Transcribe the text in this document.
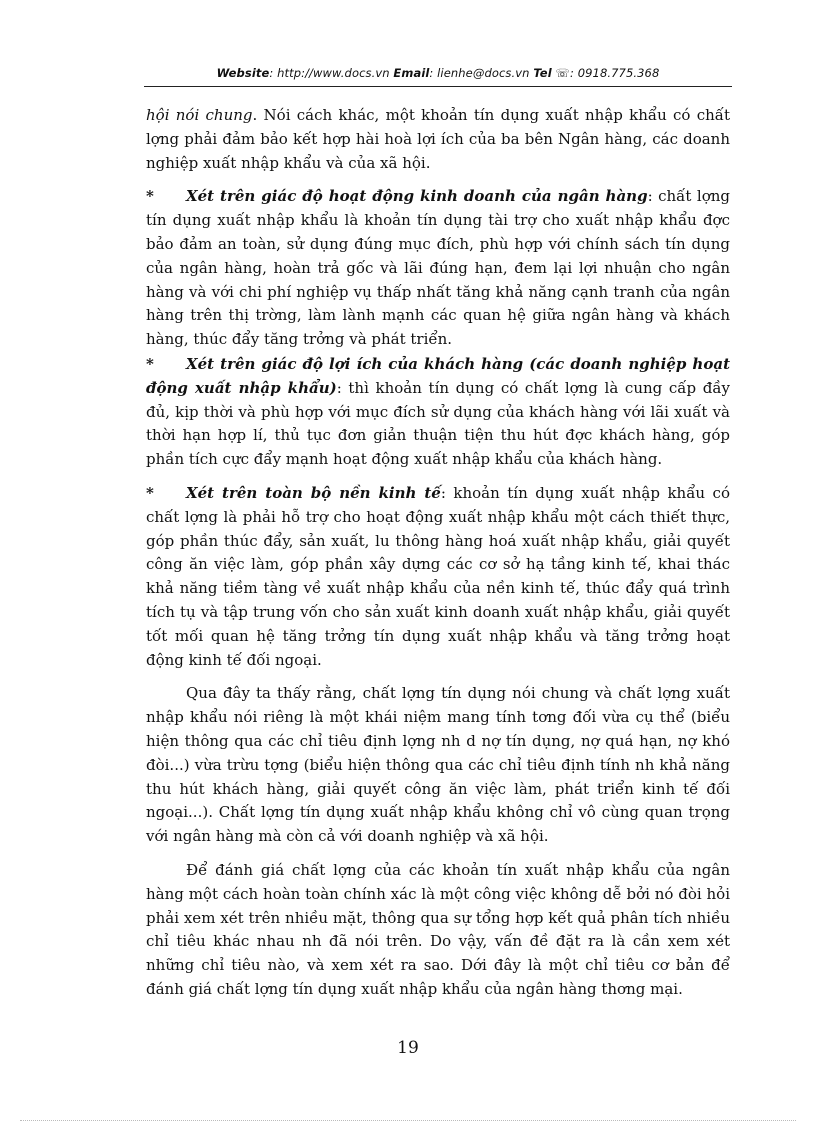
Website: http://www.docs.vn Email: lienhe@docs.vn Tel ☏: 0918.775.368

hội nói chung. Nói cách khác, một khoản tín dụng xuất nhập khẩu có chất lợng phải đảm bảo kết hợp hài hoà lợi ích của ba bên Ngân hàng, các doanh nghiệp xuất nhập khẩu và của xã hội.

* Xét trên giác độ hoạt động kinh doanh của ngân hàng: chất lợng tín dụng xuất nhập khẩu là khoản tín dụng tài trợ cho xuất nhập khẩu đợc bảo đảm an toàn, sử dụng đúng mục đích, phù hợp với chính sách tín dụng của ngân hàng, hoàn trả gốc và lãi đúng hạn, đem lại lợi nhuận cho ngân hàng và với chi phí nghiệp vụ thấp nhất tăng khả năng cạnh tranh của ngân hàng trên thị trờng, làm lành mạnh các quan hệ giữa ngân hàng và khách hàng, thúc đẩy tăng trởng và phát triển.

* Xét trên giác độ lợi ích của khách hàng (các doanh nghiệp hoạt động xuất nhập khẩu): thì khoản tín dụng có chất lợng là cung cấp đầy đủ, kịp thời và phù hợp với mục đích sử dụng của khách hàng với lãi xuất và thời hạn hợp lí, thủ tục đơn giản thuận tiện thu hút đợc khách hàng, góp phần tích cực đẩy mạnh hoạt động xuất nhập khẩu của khách hàng.

* Xét trên toàn bộ nền kinh tế: khoản tín dụng xuất nhập khẩu có chất lợng là phải hỗ trợ cho hoạt động xuất nhập khẩu một cách thiết thực, góp phần thúc đẩy, sản xuất, lu thông hàng hoá xuất nhập khẩu, giải quyết công ăn việc làm, góp phần xây dựng các cơ sở hạ tầng kinh tế, khai thác khả năng tiềm tàng về xuất nhập khẩu của nền kinh tế, thúc đẩy quá trình tích tụ và tập trung vốn cho sản xuất kinh doanh xuất nhập khẩu, giải quyết tốt mối quan hệ tăng trởng tín dụng xuất nhập khẩu và tăng trởng hoạt động kinh tế đối ngoại.

Qua đây ta thấy rằng, chất lợng tín dụng nói chung và chất lợng xuất nhập khẩu nói riêng là một khái niệm mang tính tơng đối vừa cụ thể (biểu hiện thông qua các chỉ tiêu định lợng nh d nợ tín dụng, nợ quá hạn, nợ khó đòi...) vừa trừu tợng (biểu hiện thông qua các chỉ tiêu định tính nh khả năng thu hút khách hàng, giải quyết công ăn việc làm, phát triển kinh tế đối ngoại...). Chất lợng tín dụng xuất nhập khẩu không chỉ vô cùng quan trọng với ngân hàng mà còn cả với doanh nghiệp và xã hội.

Để đánh giá chất lợng của các khoản tín xuất nhập khẩu của ngân hàng một cách hoàn toàn chính xác là một công việc không dễ bởi nó đòi hỏi phải xem xét trên nhiều mặt, thông qua sự tổng hợp kết quả phân tích nhiều chỉ tiêu khác nhau nh đã nói trên. Do vậy, vấn đề đặt ra là cần xem xét những chỉ tiêu nào, và xem xét ra sao. Dới đây là một chỉ tiêu cơ bản để đánh giá chất lợng tín dụng xuất nhập khẩu của ngân hàng thơng mại.

19
